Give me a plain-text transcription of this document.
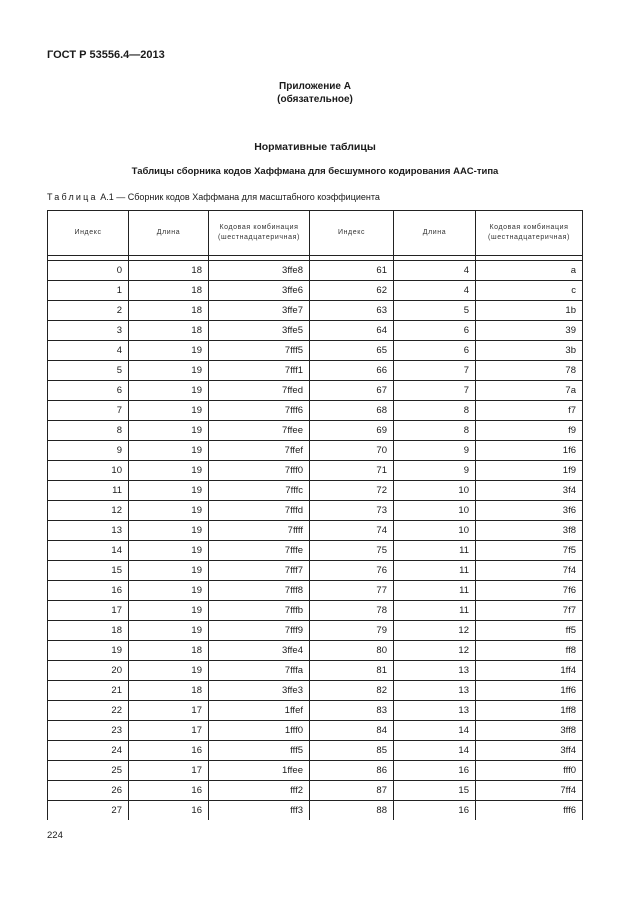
ГОСТ Р 53556.4—2013
Приложение А
(обязательное)
Нормативные таблицы
Таблицы сборника кодов Хаффмана для бесшумного кодирования AAC-типа
Таблица А.1 — Сборник кодов Хаффмана для масштабного коэффициента
Индекс	Длина	Кодовая комбинация (шестнадцатеричная)	Индекс	Длина	Кодовая комбинация (шестнадцатеричная)

0	18	3ffe8	61	4	a
1	18	3ffe6	62	4	c
2	18	3ffe7	63	5	1b
3	18	3ffe5	64	6	39
4	19	7fff5	65	6	3b
5	19	7fff1	66	7	78
6	19	7ffed	67	7	7a
7	19	7fff6	68	8	f7
8	19	7ffee	69	8	f9
9	19	7ffef	70	9	1f6
10	19	7fff0	71	9	1f9
11	19	7fffc	72	10	3f4
12	19	7fffd	73	10	3f6
13	19	7ffff	74	10	3f8
14	19	7fffe	75	11	7f5
15	19	7fff7	76	11	7f4
16	19	7fff8	77	11	7f6
17	19	7fffb	78	11	7f7
18	19	7fff9	79	12	ff5
19	18	3ffe4	80	12	ff8
20	19	7fffa	81	13	1ff4
21	18	3ffe3	82	13	1ff6
22	17	1ffef	83	13	1ff8
23	17	1fff0	84	14	3ff8
24	16	fff5	85	14	3ff4
25	17	1ffee	86	16	fff0
26	16	fff2	87	15	7ff4
27	16	fff3	88	16	fff6
224
